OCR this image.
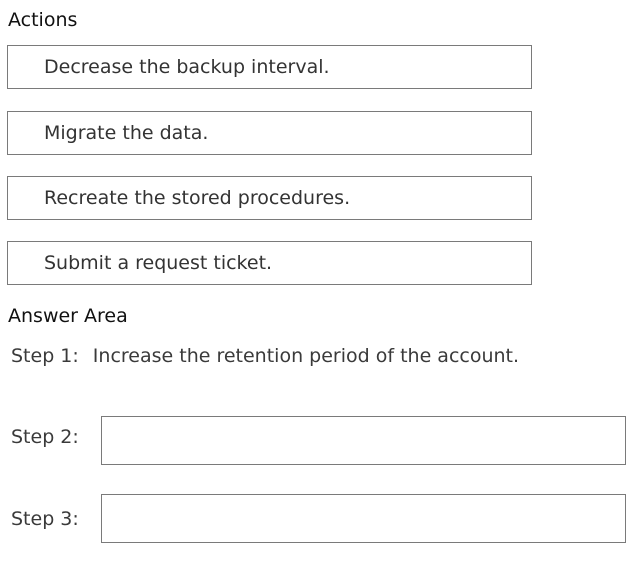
Actions
Decrease the backup interval.
Migrate the data.
Recreate the stored procedures.
Submit a request ticket.
Answer Area
Step 1: Increase the retention period of the account.
Step 2:
Step 3:
